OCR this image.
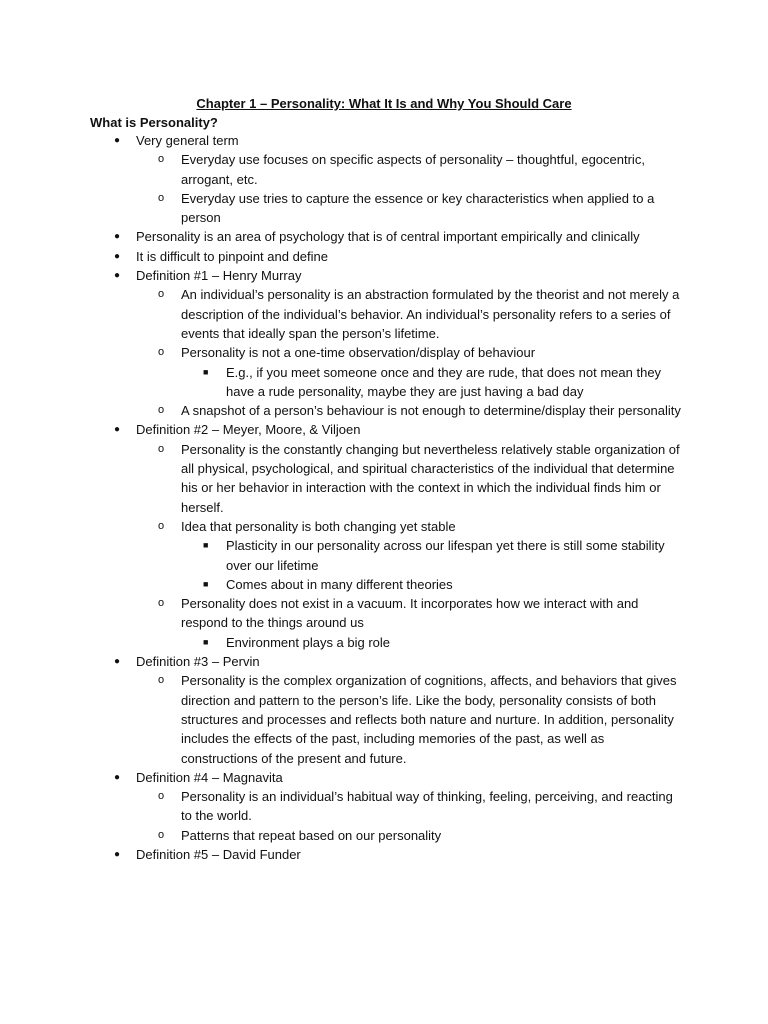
Chapter 1 – Personality: What It Is and Why You Should Care
What is Personality?
● Very general term
o Everyday use focuses on specific aspects of personality – thoughtful, egocentric, arrogant, etc.
o Everyday use tries to capture the essence or key characteristics when applied to a person
● Personality is an area of psychology that is of central important empirically and clinically
● It is difficult to pinpoint and define
● Definition #1 – Henry Murray
o An individual’s personality is an abstraction formulated by the theorist and not merely a description of the individual’s behavior. An individual’s personality refers to a series of events that ideally span the person’s lifetime.
o Personality is not a one-time observation/display of behaviour
■ E.g., if you meet someone once and they are rude, that does not mean they have a rude personality, maybe they are just having a bad day
o A snapshot of a person’s behaviour is not enough to determine/display their personality
● Definition #2 – Meyer, Moore, & Viljoen
o Personality is the constantly changing but nevertheless relatively stable organization of all physical, psychological, and spiritual characteristics of the individual that determine his or her behavior in interaction with the context in which the individual finds him or herself.
o Idea that personality is both changing yet stable
■ Plasticity in our personality across our lifespan yet there is still some stability over our lifetime
■ Comes about in many different theories
o Personality does not exist in a vacuum. It incorporates how we interact with and respond to the things around us
■ Environment plays a big role
● Definition #3 – Pervin
o Personality is the complex organization of cognitions, affects, and behaviors that gives direction and pattern to the person’s life. Like the body, personality consists of both structures and processes and reflects both nature and nurture. In addition, personality includes the effects of the past, including memories of the past, as well as constructions of the present and future.
● Definition #4 – Magnavita
o Personality is an individual’s habitual way of thinking, feeling, perceiving, and reacting to the world.
o Patterns that repeat based on our personality
● Definition #5 – David Funder
